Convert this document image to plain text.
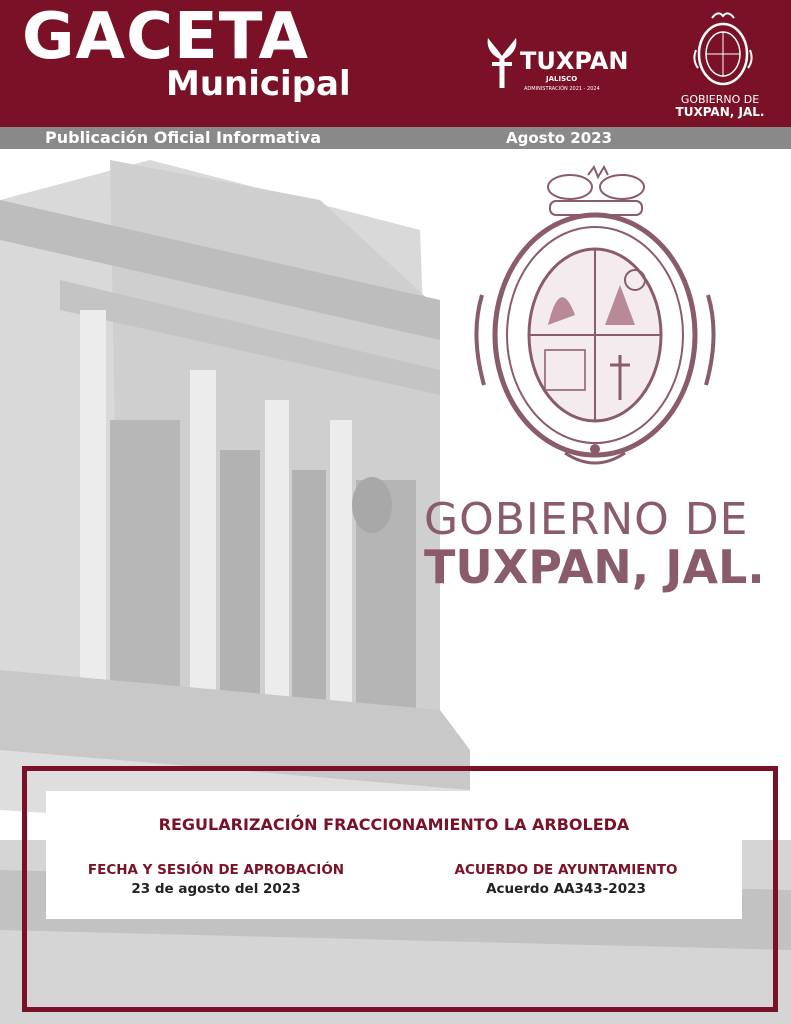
GACETA
Municipal
TUXPAN
JALISCO
ADMINISTRACIÓN 2021 - 2024
GOBIERNO DE
TUXPAN, JAL.
Publicación Oficial Informativa	Agosto 2023
GOBIERNO DE
TUXPAN, JAL.
REGULARIZACIÓN FRACCIONAMIENTO LA ARBOLEDA
FECHA Y SESIÓN DE APROBACIÓN
23 de agosto del 2023
ACUERDO DE AYUNTAMIENTO
Acuerdo AA343-2023
